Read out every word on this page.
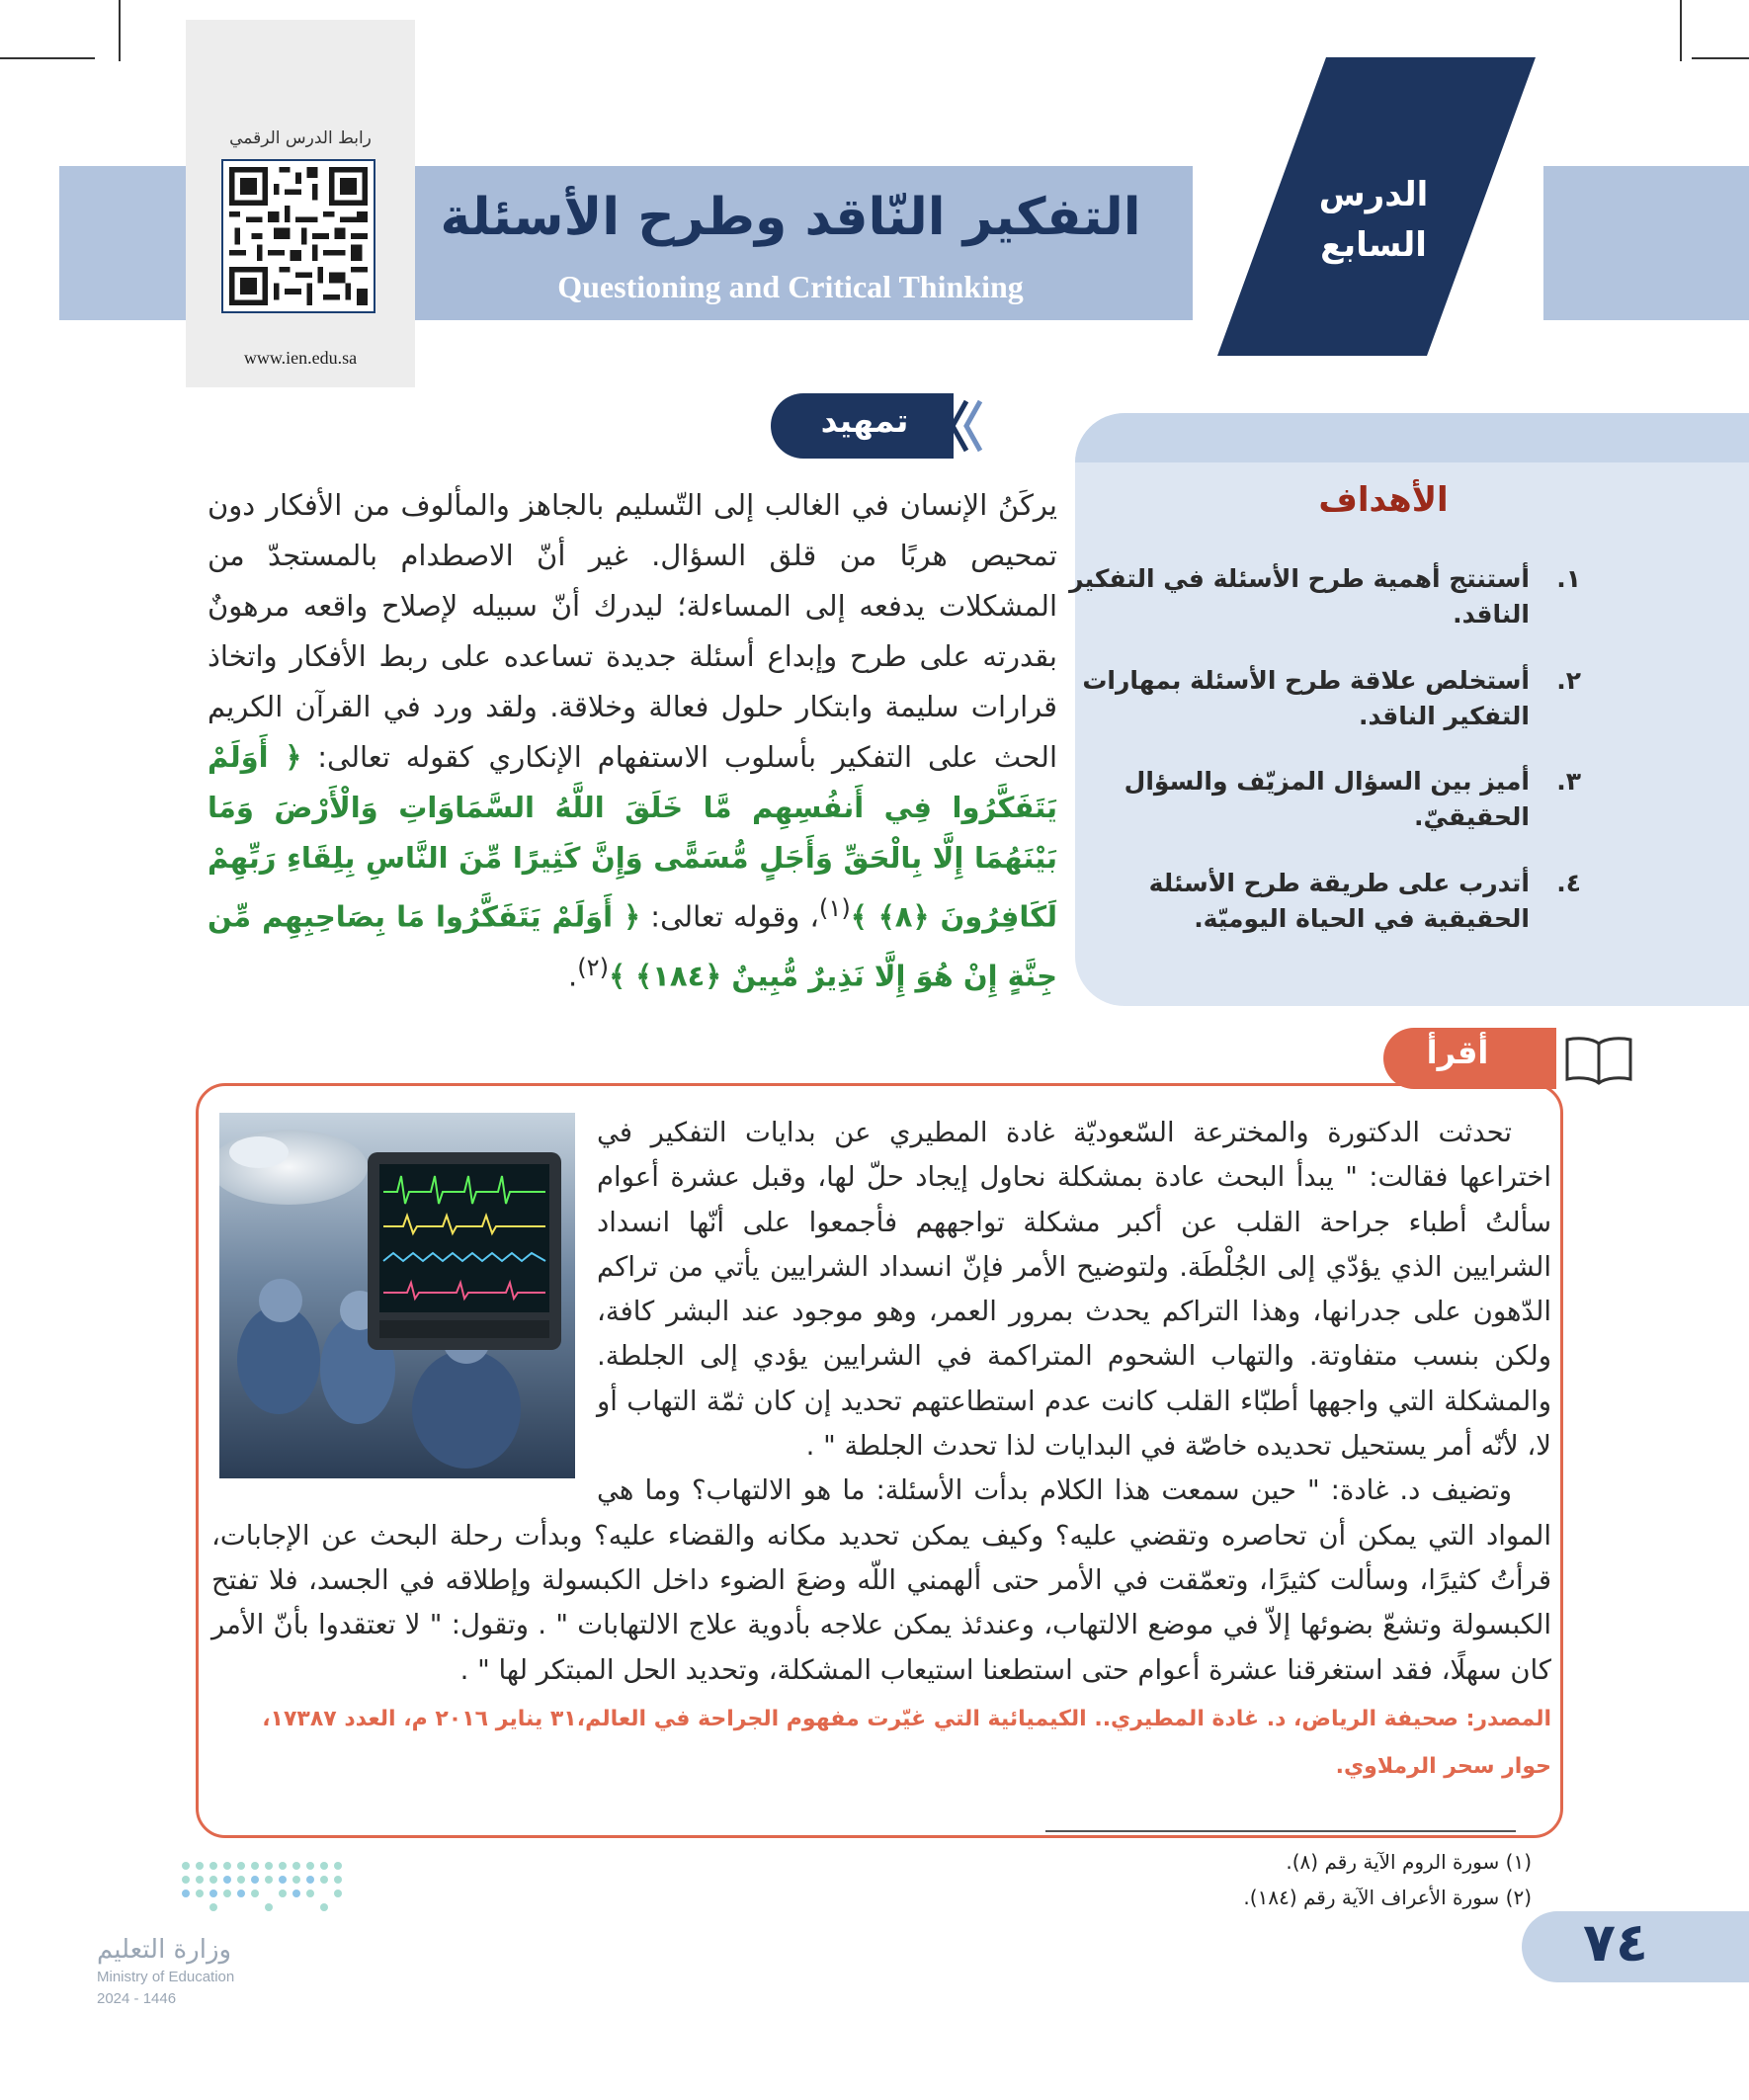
رابط الدرس الرقمي
www.ien.edu.sa
التفكير النّاقد وطرح الأسئلة
Questioning and Critical Thinking
الدرس
السابع
الأهداف
١.
أستنتج أهمية طرح الأسئلة في التفكير الناقد.
٢.
أستخلص علاقة طرح الأسئلة بمهارات التفكير الناقد.
٣.
أميز بين السؤال المزيّف والسؤال الحقيقيّ.
٤.
أتدرب على طريقة طرح الأسئلة الحقيقية في الحياة اليوميّة.
تمهيد
يركَنُ الإنسان في الغالب إلى التّسليم بالجاهز والمألوف من الأفكار دون تمحيص هربًا من قلق السؤال. غير أنّ الاصطدام بالمستجدّ من المشكلات يدفعه إلى المساءلة؛ ليدرك أنّ سبيله لإصلاح واقعه مرهونٌ بقدرته على طرح وإبداع أسئلة جديدة تساعده على ربط الأفكار واتخاذ قرارات سليمة وابتكار حلول فعالة وخلاقة. ولقد ورد في القرآن الكريم الحث على التفكير بأسلوب الاستفهام الإنكاري كقوله تعالى: ﴿ أَوَلَمْ يَتَفَكَّرُوا فِي أَنفُسِهِم مَّا خَلَقَ اللَّهُ السَّمَاوَاتِ وَالْأَرْضَ وَمَا بَيْنَهُمَا إِلَّا بِالْحَقِّ وَأَجَلٍ مُّسَمًّى وَإِنَّ كَثِيرًا مِّنَ النَّاسِ بِلِقَاءِ رَبِّهِمْ لَكَافِرُونَ ﴿٨﴾ ﴾$^{(١)}$، وقوله تعالى: ﴿ أَوَلَمْ يَتَفَكَّرُوا مَا بِصَاحِبِهِم مِّن جِنَّةٍ إِنْ هُوَ إِلَّا نَذِيرٌ مُّبِينٌ ﴿١٨٤﴾ ﴾$^{(٢)}$.
أقرأ

تحدثت الدكتورة والمخترعة السّعوديّة غادة المطيري عن بدايات التفكير في اختراعها فقالت: " يبدأ البحث عادة بمشكلة نحاول إيجاد حلّ لها، وقبل عشرة أعوام سألتُ أطباء جراحة القلب عن أكبر مشكلة تواجههم فأجمعوا على أنّها انسداد الشرايين الذي يؤدّي إلى الجُلْطَة. ولتوضيح الأمر فإنّ انسداد الشرايين يأتي من تراكم الدّهون على جدرانها، وهذا التراكم يحدث بمرور العمر، وهو موجود عند البشر كافة، ولكن بنسب متفاوتة. والتهاب الشحوم المتراكمة في الشرايين يؤدي إلى الجلطة. والمشكلة التي واجهها أطبّاء القلب كانت عدم استطاعتهم تحديد إن كان ثمّة التهاب أو لا، لأنّه أمر يستحيل تحديده خاصّة في البدايات لذا تحدث الجلطة " .

وتضيف د. غادة: " حين سمعت هذا الكلام بدأت الأسئلة: ما هو الالتهاب؟ وما هي المواد التي يمكن أن تحاصره وتقضي عليه؟ وكيف يمكن تحديد مكانه والقضاء عليه؟ وبدأت رحلة البحث عن الإجابات، قرأتُ كثيرًا، وسألت كثيرًا، وتعمّقت في الأمر حتى ألهمني اللّه وضعَ الضوء داخل الكبسولة وإطلاقه في الجسد، فلا تفتح الكبسولة وتشعّ بضوئها إلاّ في موضع الالتهاب، وعندئذ يمكن علاجه بأدوية علاج الالتهابات " . وتقول: " لا تعتقدوا بأنّ الأمر كان سهلًا، فقد استغرقنا عشرة أعوام حتى استطعنا استيعاب المشكلة، وتحديد الحل المبتكر لها " .

المصدر: صحيفة الرياض، د. غادة المطيري.. الكيميائية التي غيّرت مفهوم الجراحة في العالم،٣١ يناير ٢٠١٦ م، العدد ١٧٣٨٧، حوار سحر الرملاوي.
(١) سورة الروم الآية رقم (٨).
(٢) سورة الأعراف الآية رقم (١٨٤).
٧٤
وزارة التعليم
Ministry of Education
2024 - 1446
